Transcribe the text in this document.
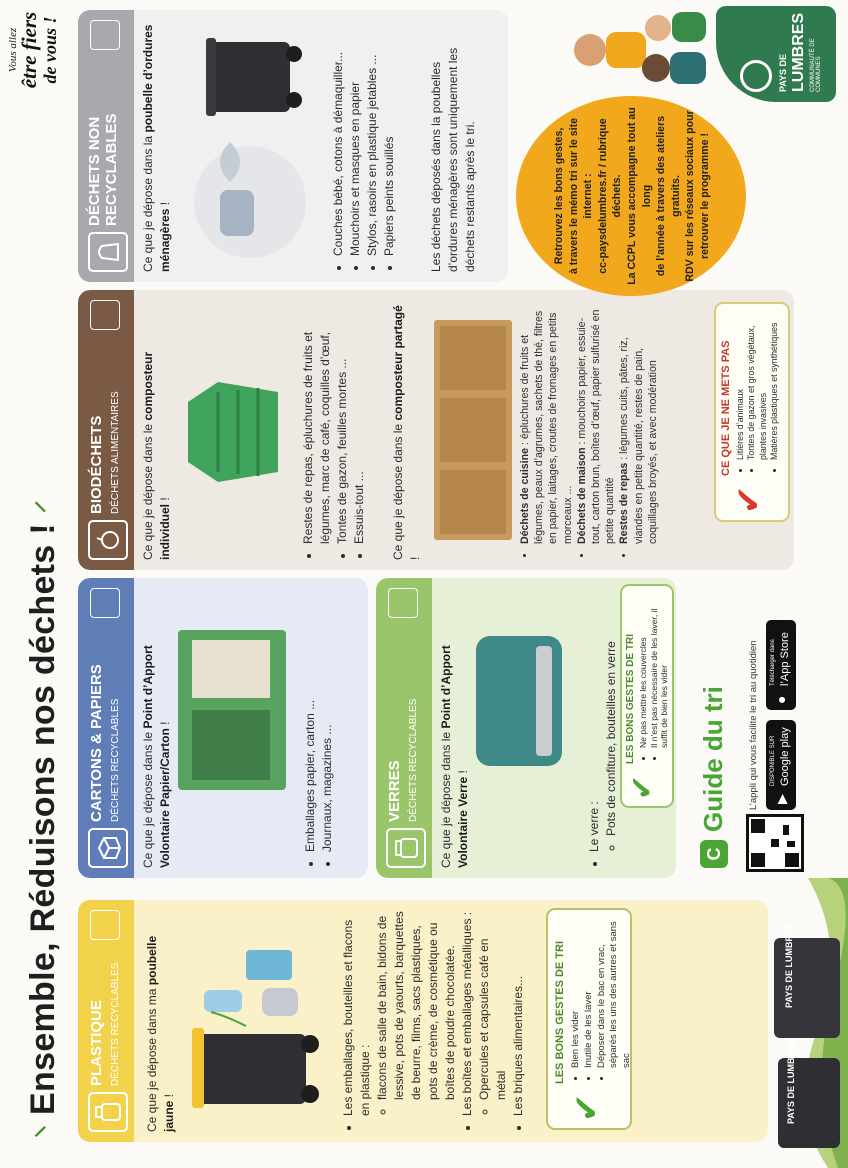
⸌ Ensemble, Réduisons nos déchets ! ⸍
Vous allez
être fiers
de vous !
PLASTIQUE DÉCHETS RECYCLABLES Ce que je dépose dans ma poubelle jaune !	• Les emballages, bouteilles et flacons en plastique : ◦ flacons de salle de bain, bidons de lessive, pots de yaourts, barquettes de beurre, films, sacs plastiques, pots de crème, de cosmétique ou boîtes de poudre chocolatée. • Les boîtes et emballages métalliques : ◦ Opercules et capsules café en métal • Les briques alimentaires... ✔
LES BONS GESTES DE TRI • Bien les vider • Inutile de les laver • Déposer dans le bac en vrac, séparés les uns des autres et sans sac
CARTONS & PAPIERS DÉCHETS RECYCLABLES Ce que je dépose dans le Point d’Apport Volontaire Papier/Carton !	• Emballages papier, carton ... • Journaux, magazines ...	VERRES DÉCHETS RECYCLABLES Ce que je dépose dans le Point d’Apport Volontaire Verre !
• Le verre : ◦ Pots de confiture, bouteilles en verre ✔
LES BONS GESTES DE TRI • Ne pas mettre les couvercles • Il n’est pas nécessaire de les laver, il suffit de bien les vider
C
Guide du tri L’appli qui vous facilite le tri au quotidien ▶
DISPONIBLE SUR Google play
●
Télécharger dans l’App Store
BIODÉCHETS DÉCHETS ALIMENTAIRES Ce que je dépose dans le composteur individuel !	• Restes de repas, épluchures de fruits et légumes, marc de café, coquilles d’œuf, • Tontes de gazon, feuilles mortes ... • Essuis-tout ... Ce que je dépose dans le composteur partagé !
• Déchets de cuisine : épluchures de fruits et légumes, peaux d’agrumes, sachets de thé, filtres en papier, laitages, croutes de fromages en petits morceaux ... • Déchets de maison : mouchoirs papier, essuie-tout, carton brun, boîtes d’œuf, papier sulfurisé en petite quantité • Restes de repas : légumes cuits, pâtes, riz, viandes en petite quantité, restes de pain, coquillages broyés, et avec modération ✔
CE QUE JE NE METS PAS • Litières d’animaux • Tontes de gazon et gros végétaux, plantes invasives • Matières plastiques et synthétiques
DÉCHETS NON RECYCLABLES Ce que je dépose dans la poubelle d’ordures ménagères !	• Couches bébé, cotons à démaquiller... • Mouchoirs et masques en papier • Stylos, rasoirs en plastique jetables ... • Papiers peints souillés	Les déchets déposés dans la poubelles d’ordures ménagères sont uniquement les déchets restants après le tri.	Retrouvez les bons gestes, à travers le mémo tri sur le site internet : cc-paysdelumbres.fr / rubrique déchets. La CCPL vous accompagne tout au long de l’année à travers des ateliers gratuits. RDV sur les réseaux sociaux pour retrouver le programme !
PAYS DE LUMBRES COMMUNAUTÉ DE COMMUNES
PAYS DE LUMBRES
PAYS DE LUMBRES
